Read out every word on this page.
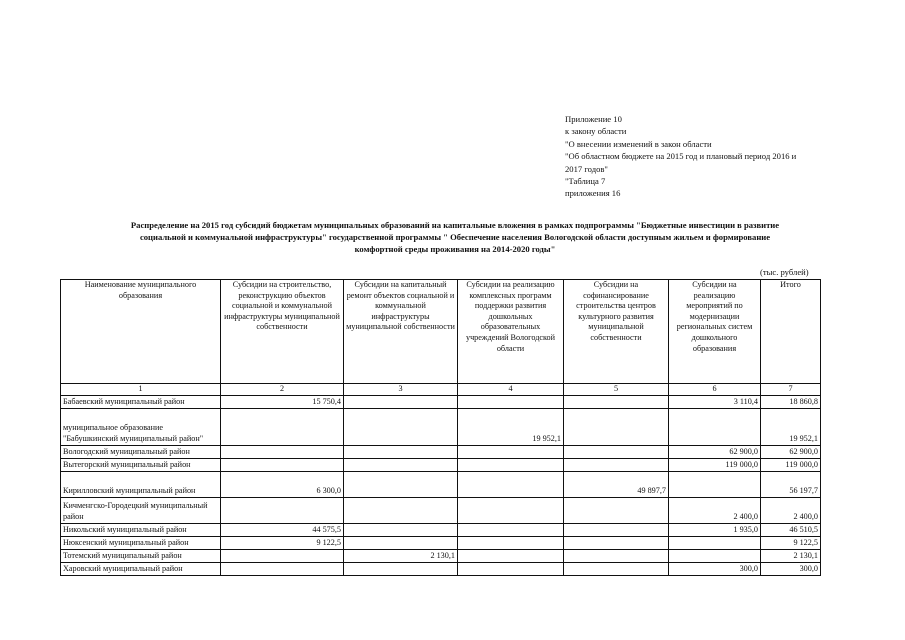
Приложение 10
к закону области
"О внесении изменений в закон области
"Об областном бюджете на 2015 год и плановый период 2016 и
2017 годов"
"Таблица 7
приложения 16
Распределение на 2015 год субсидий бюджетам муниципальных образований на капитальные вложения в рамках подпрограммы "Бюджетные инвестиции в развитие
социальной и коммунальной инфраструктуры" государственной программы " Обеспечение населения Вологодской области доступным жильем и формирование
комфортной среды проживания на 2014-2020 годы"
(тыс. рублей)
Наименование муниципального образования	Субсидии на строительство, реконструкцию объектов социальной и коммунальной инфраструктуры муниципальной собственности	Субсидии на капитальный ремонт объектов социальной и коммунальной инфраструктуры муниципальной собственности	Субсидии на реализацию комплексных программ поддержки развития дошкольных образовательных учреждений Вологодской области	Субсидии на софинансирование строительства центров культурного развития муниципальной собственности	Субсидии на реализацию мероприятий по модернизации региональных систем дошкольного образования	Итого
1	2	3	4	5	6	7
Бабаевский муниципальный район	15 750,4				3 110,4	18 860,8
муниципальное образование "Бабушкинский муниципальный район"			19 952,1			19 952,1
Вологодский муниципальный район					62 900,0	62 900,0
Вытегорский муниципальный район					119 000,0	119 000,0
Кирилловский муниципальный район	6 300,0			49 897,7		56 197,7
Кичменгско-Городецкий муниципальный район					2 400,0	2 400,0
Никольский муниципальный район	44 575,5				1 935,0	46 510,5
Нюксенский муниципальный район	9 122,5					9 122,5
Тотемский муниципальный район		2 130,1				2 130,1
Харовский муниципальный район					300,0	300,0
